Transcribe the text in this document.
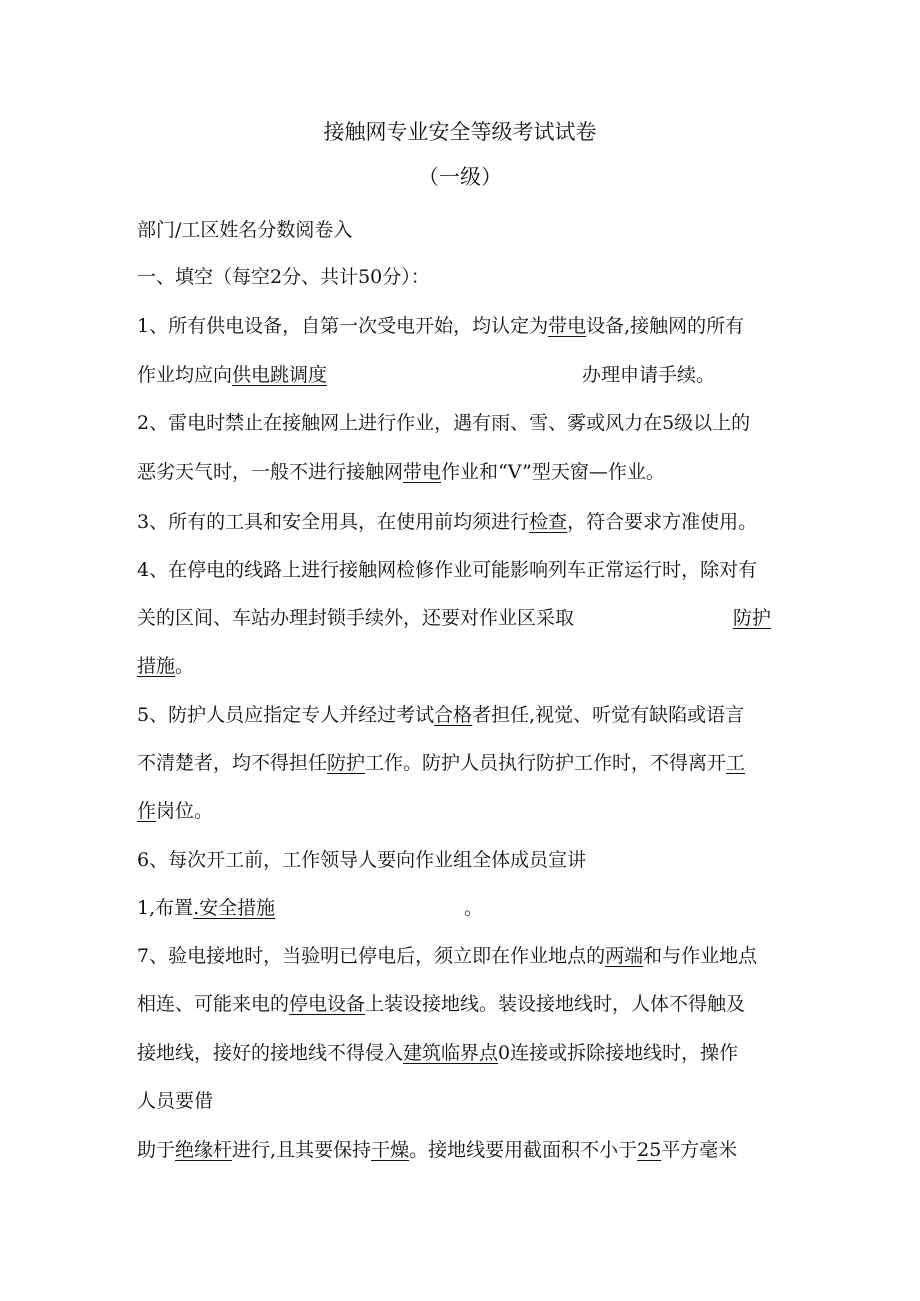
接触网专业安全等级考试试卷
（一级）
部门/工区姓名分数阅卷入
一、填空（每空2分、共计50分）：
1、所有供电设备，自第一次受电开始，均认定为带电设备,接触网的所有
作业均应向供电跳调度	办理申请手续。
2、雷电时禁止在接触网上进行作业，遇有雨、雪、雾或风力在5级以上的
恶劣天气时，一般不进行接触网带电作业和“V”型天窗—作业。
3、所有的工具和安全用具，在使用前均须进行检查，符合要求方准使用。
4、在停电的线路上进行接触网检修作业可能影响列车正常运行时，除对有
关的区间、车站办理封锁手续外，还要对作业区采取	防护
措施。
5、防护人员应指定专人并经过考试合格者担任,视觉、听觉有缺陷或语言
不清楚者，均不得担任防护工作。防护人员执行防护工作时，不得离开工
作岗位。
6、每次开工前，工作领导人要向作业组全体成员宣讲
1,布置.安全措施	。
7、验电接地时，当验明已停电后，须立即在作业地点的两端和与作业地点
相连、可能来电的停电设备上装设接地线。装设接地线时，人体不得触及
接地线，接好的接地线不得侵入建筑临界点0连接或拆除接地线时，操作
人员要借
助于绝缘杆进行,且其要保持干燥。接地线要用截面积不小于25平方毫米
